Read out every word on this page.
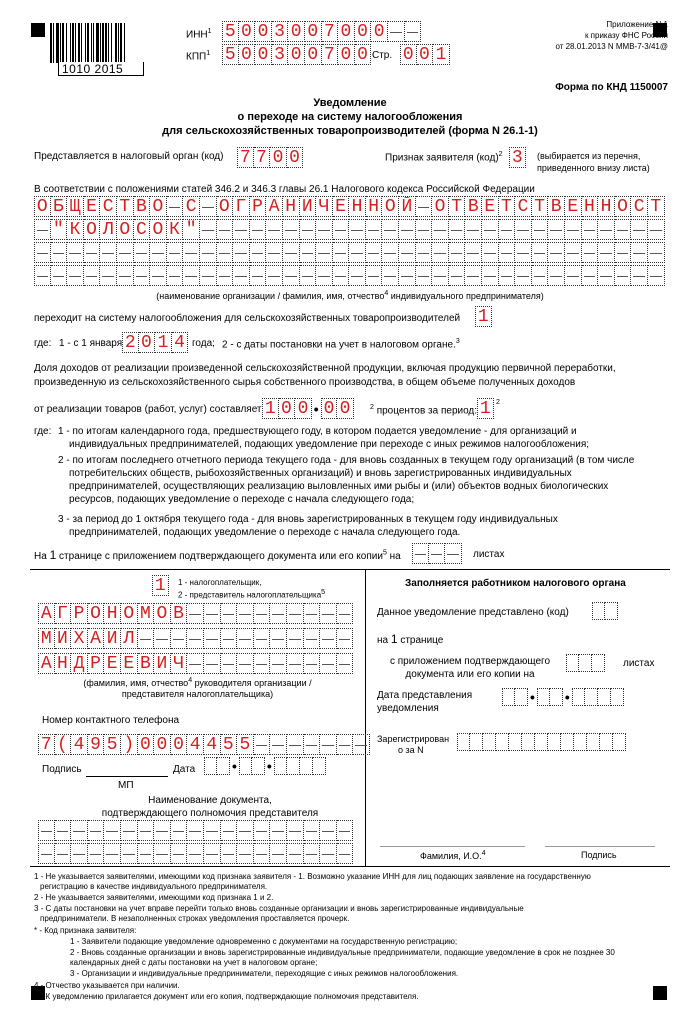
1010 2015
ИНН$^1$ 5 0 0 3 0 0 7 0 0 0
КПП$^1$ 5 0 0 3 0 0 7 0 0 Стр. 0 0 1
Приложение N 1
к приказу ФНС России
от 28.01.2013 N ММВ-7-3/41@
Форма по КНД 1150007
Уведомление
о переходе на систему налогообложения
для сельскохозяйственных товаропроизводителей (форма N 26.1-1)
Представляется в налоговый орган (код) 7 7 0 0	Признак заявителя (код)$^2$ 3	(выбирается из перечня,
приведенного внизу листа)
В соответствии с положениями статей 346.2 и 346.3 главы 26.1 Налогового кодекса Российской Федерации
О Б Щ Е С Т В О С О Г Р А Н И Ч Е Н Н О Й О Т В Е Т С Т В Е Н Н О С Т
" К О Л О С О К "
(наименование организации / фамилия, имя, отчество$^4$ индивидуального предпринимателя)
переходит на систему налогообложения для сельскохозяйственных товаропроизводителей 1
где: 1 - с 1 января 2 0 1 4 года; 2 - с даты постановки на учет в налоговом органе.$^3$
Доля доходов от реализации произведенной сельскохозяйственной продукции, включая продукцию первичной переработки,
произведенную из сельскохозяйственного сырья собственного производства, в общем объеме полученных доходов
от реализации товаров (работ, услуг) составляет 1 0 0 • 0 0	$^2$ процентов за период: 1 2
где: 1 - по итогам календарного года, предшествующего году, в котором подается уведомление - для организаций и
индивидуальных предпринимателей, подающих уведомление при переходе с иных режимов налогообложения;
2 - по итогам последнего отчетного периода текущего года - для вновь созданных в текущем году организаций (в том числе
потребительских обществ, рыбохозяйственных организаций) и вновь зарегистрированных индивидуальных
предпринимателей, осуществляющих реализацию выловленных ими рыбы и (или) объектов водных биологических
ресурсов, подающих уведомление о переходе с начала следующего года;
3 - за период до 1 октября текущего года - для вновь зарегистрированных в текущем году индивидуальных
предпринимателей, подающих уведомление о переходе с начала следующего года.
На 1 странице с приложением подтверждающего документа или его копии$^5$ на	листах
1	1 - налогоплательщик,
2 - представитель налогоплательщика$^5$
А Г Р О Н О М О В
М И Х А И Л
А Н Д Р Е Е В И Ч
(фамилия, имя, отчество$^4$ руководителя организации /
представителя налогоплательщика)
Номер контактного телефона
7 ( 4 9 5 ) 0 0 0 4 4 5 5
Подпись	Дата	• •
МП
Наименование документа,
подтверждающего полномочия представителя
Заполняется работником налогового органа
Данное уведомление представлено (код)
на 1 странице
с приложением подтверждающего
документа или его копии на
листах
Дата представления
уведомления
• •
Зарегистрирован
о за N
Фамилия, И.О.$^4$	Подпись
1 - Не указывается заявителями, имеющими код признака заявителя - 1. Возможно указание ИНН для лиц подающих заявление на государственную
регистрацию в качестве индивидуального предпринимателя.
2 - Не указывается заявителями, имеющими код признака 1 и 2.
3 - С даты постановки на учет вправе перейти только вновь созданные организации и вновь зарегистрированные индивидуальные
предприниматели. В незаполненных строках уведомления проставляется прочерк.
* - Код признака заявителя:
1 - Заявители подающие уведомление одновременно с документами на государственную регистрацию;
2 - Вновь созданные организации и вновь зарегистрированные индивидуальные предприниматели, подающие уведомление в срок не позднее 30
календарных дней с даты постановки на учет в налоговом органе;
3 - Организации и индивидуальные предприниматели, переходящие с иных режимов налогообложения.
4 - Отчество указывается при наличии.
5 - К уведомлению прилагается документ или его копия, подтверждающие полномочия представителя.
